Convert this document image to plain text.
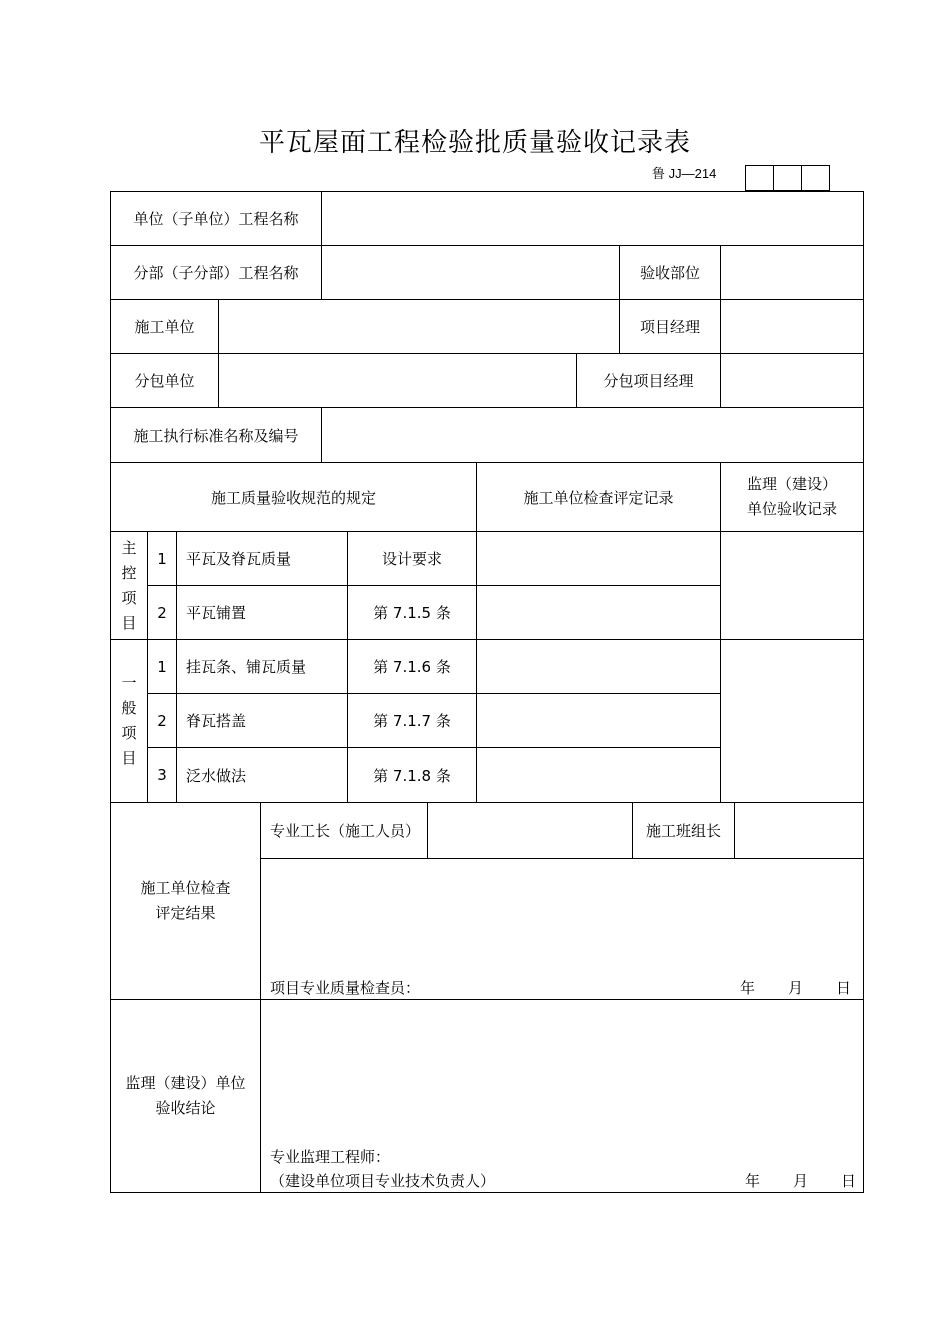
平瓦屋面工程检验批质量验收记录表
鲁 JJ—214
单位（子单位）工程名称
分部（子分部）工程名称	验收部位
施工单位	项目经理
分包单位	分包项目经理
施工执行标准名称及编号
施工质量验收规范的规定	施工单位检查评定记录
监理（建设）
单位验收记录
主
控
项
目
1 平瓦及脊瓦质量	设计要求
2 平瓦铺置	第 7.1.5 条
一
般
项
目
1 挂瓦条、铺瓦质量	第 7.1.6 条
2 脊瓦搭盖	第 7.1.7 条
3 泛水做法	第 7.1.8 条
施工单位检查
评定结果
专业工长（施工人员）	施工班组长
项目专业质量检查员：	年 月 日
监理（建设）单位
验收结论
专业监理工程师：
（建设单位项目专业技术负责人）	年 月 日
